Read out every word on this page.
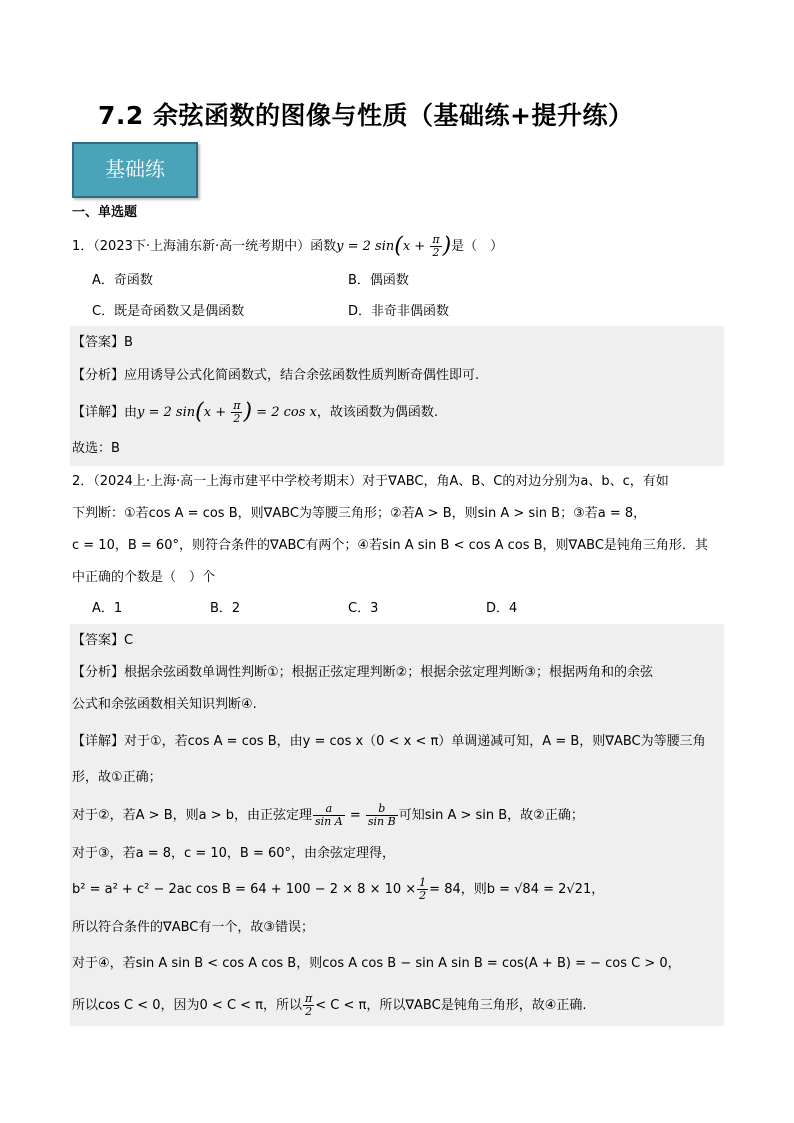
7.2 余弦函数的图像与性质（基础练+提升练）
基础练
一、单选题
1．（2023下·上海浦东新·高一统考期中）函数y = 2 $\sin(x + \frac{\pi}{2}$ )是（　）
A．奇函数	B．偶函数
C．既是奇函数又是偶函数	D．非奇非偶函数
【答案】B
【分析】应用诱导公式化简函数式，结合余弦函数性质判断奇偶性即可.
【详解】由y = 2 $\sin(x + \frac{\pi}{2}$ ) = 2 cos x，故该函数为偶函数.
故选：B
2．（2024上·上海·高一上海市建平中学校考期末）对于∇ABC，角A、B、C的对边分别为a、b、c，有如
下判断：①若cos A = cos B，则∇ABC为等腰三角形；②若A > B，则sin A > sin B；③若a = 8，
c = 10，B = 60°，则符合条件的∇ABC有两个；④若sin A sin B < cos A cos B，则∇ABC是钝角三角形．其
中正确的个数是（　）个
A．1	B．2	C．3	D．4
【答案】C
【分析】根据余弦函数单调性判断①；根据正弦定理判断②；根据余弦定理判断③；根据两角和的余弦
公式和余弦函数相关知识判断④.
【详解】对于①，若cos A = cos B，由y = cos x（0 < x < π）单调递减可知，A = B，则∇ABC为等腰三角
形，故①正确；
对于②，若A > B，则a > b，由正弦定理 $\frac{a}{\text{sin A}} = \frac{b}{\text{sin B}}$ 可知sin A > sin B，故②正确；
对于③，若a = 8，c = 10，B = 60°，由余弦定理得，
b² = a² + c² − 2ac $\cos B = 64 + 100 - 2 \times 8 \times 10 \times \frac{1}{2} = 84$，则b = √84 = 2√21，
所以符合条件的∇ABC有一个，故③错误；
对于④，若sin A sin B < cos A cos B，则cos A cos B − sin A sin B = cos(A + B) = − cos C > 0，
所以cos C < 0，因为0 < C < π，所以 $\frac{\pi}{2} < C < \pi$，所以∇ABC是钝角三角形，故④正确.
